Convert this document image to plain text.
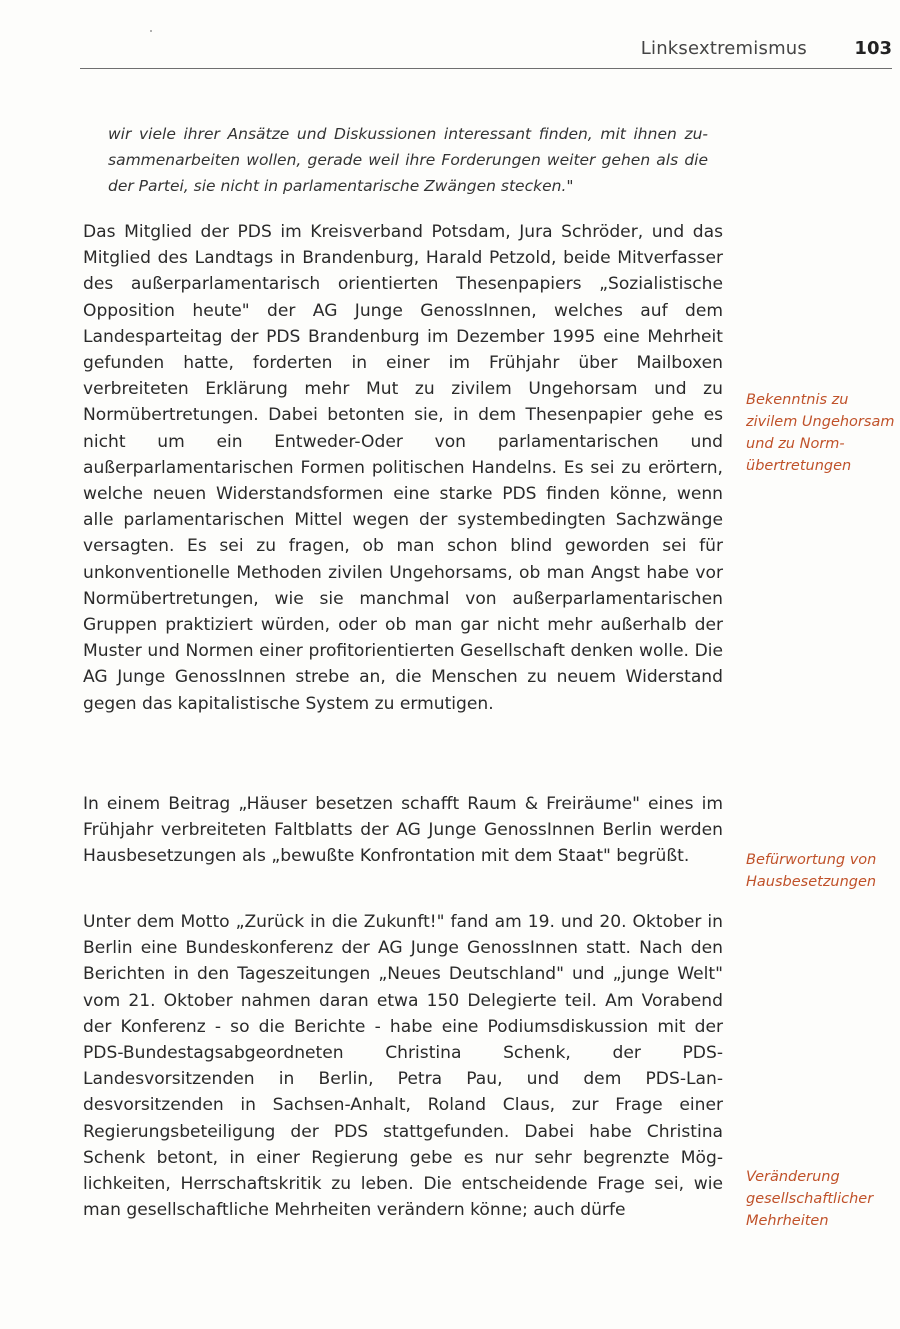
Linksextremismus	103

wir viele ihrer Ansätze und Diskussionen interessant finden, mit ihnen zusammenarbeiten wollen, gerade weil ihre Forderungen weiter gehen als die der Partei, sie nicht in parlamentarische Zwängen stecken."

Das Mitglied der PDS im Kreisverband Potsdam, Jura Schröder, und das Mitglied des Landtags in Brandenburg, Harald Petzold, beide Mitverfasser des außerparlamentarisch orientierten Thesenpapiers „Sozialistische Opposition heute" der AG Junge GenossInnen, welches auf dem Landesparteitag der PDS Brandenburg im Dezember 1995 eine Mehrheit gefunden hatte, forderten in einer im Frühjahr über Mailboxen verbreiteten Erklärung mehr Mut zu zivilem Ungehorsam und zu Normübertretungen. Dabei betonten sie, in dem Thesenpapier gehe es nicht um ein Entweder-Oder von parlamentarischen und außerparlamentarischen Formen politischen Handelns. Es sei zu erörtern, welche neuen Widerstandsformen eine starke PDS finden könne, wenn alle parlamentarischen Mittel wegen der systembedingten Sachzwänge versagten. Es sei zu fragen, ob man schon blind geworden sei für unkonventionelle Methoden zivilen Ungehorsams, ob man Angst habe vor Normübertretungen, wie sie manchmal von außerparlamentarischen Gruppen praktiziert würden, oder ob man gar nicht mehr außerhalb der Muster und Normen einer profitorientierten Gesellschaft denken wolle. Die AG Junge GenossInnen strebe an, die Menschen zu neuem Widerstand gegen das kapitalistische System zu ermutigen.

In einem Beitrag „Häuser besetzen schafft Raum & Freiräume" eines im Frühjahr verbreiteten Faltblatts der AG Junge GenossInnen Berlin werden Hausbesetzungen als „bewußte Konfrontation mit dem Staat" begrüßt.

Unter dem Motto „Zurück in die Zukunft!" fand am 19. und 20. Oktober in Berlin eine Bundeskonferenz der AG Junge GenossInnen statt. Nach den Berichten in den Tageszeitungen „Neues Deutschland" und „junge Welt" vom 21. Oktober nahmen daran etwa 150 Delegierte teil. Am Vorabend der Konferenz - so die Berichte - habe eine Podiumsdiskussion mit der PDS-Bundestagsabgeordneten Christina Schenk, der PDS-Landesvorsitzenden in Berlin, Petra Pau, und dem PDS-Landesvorsitzenden in Sachsen-Anhalt, Roland Claus, zur Frage einer Regierungsbeteiligung der PDS stattgefunden. Dabei habe Christina Schenk betont, in einer Regierung gebe es nur sehr begrenzte Möglichkeiten, Herrschaftskritik zu leben. Die entscheidende Frage sei, wie man gesellschaftliche Mehrheiten verändern könne; auch dürfe

Bekenntnis zu zivilem Ungehorsam und zu Normübertretungen

Befürwortung von Hausbesetzungen

Veränderung gesellschaftlicher Mehrheiten
